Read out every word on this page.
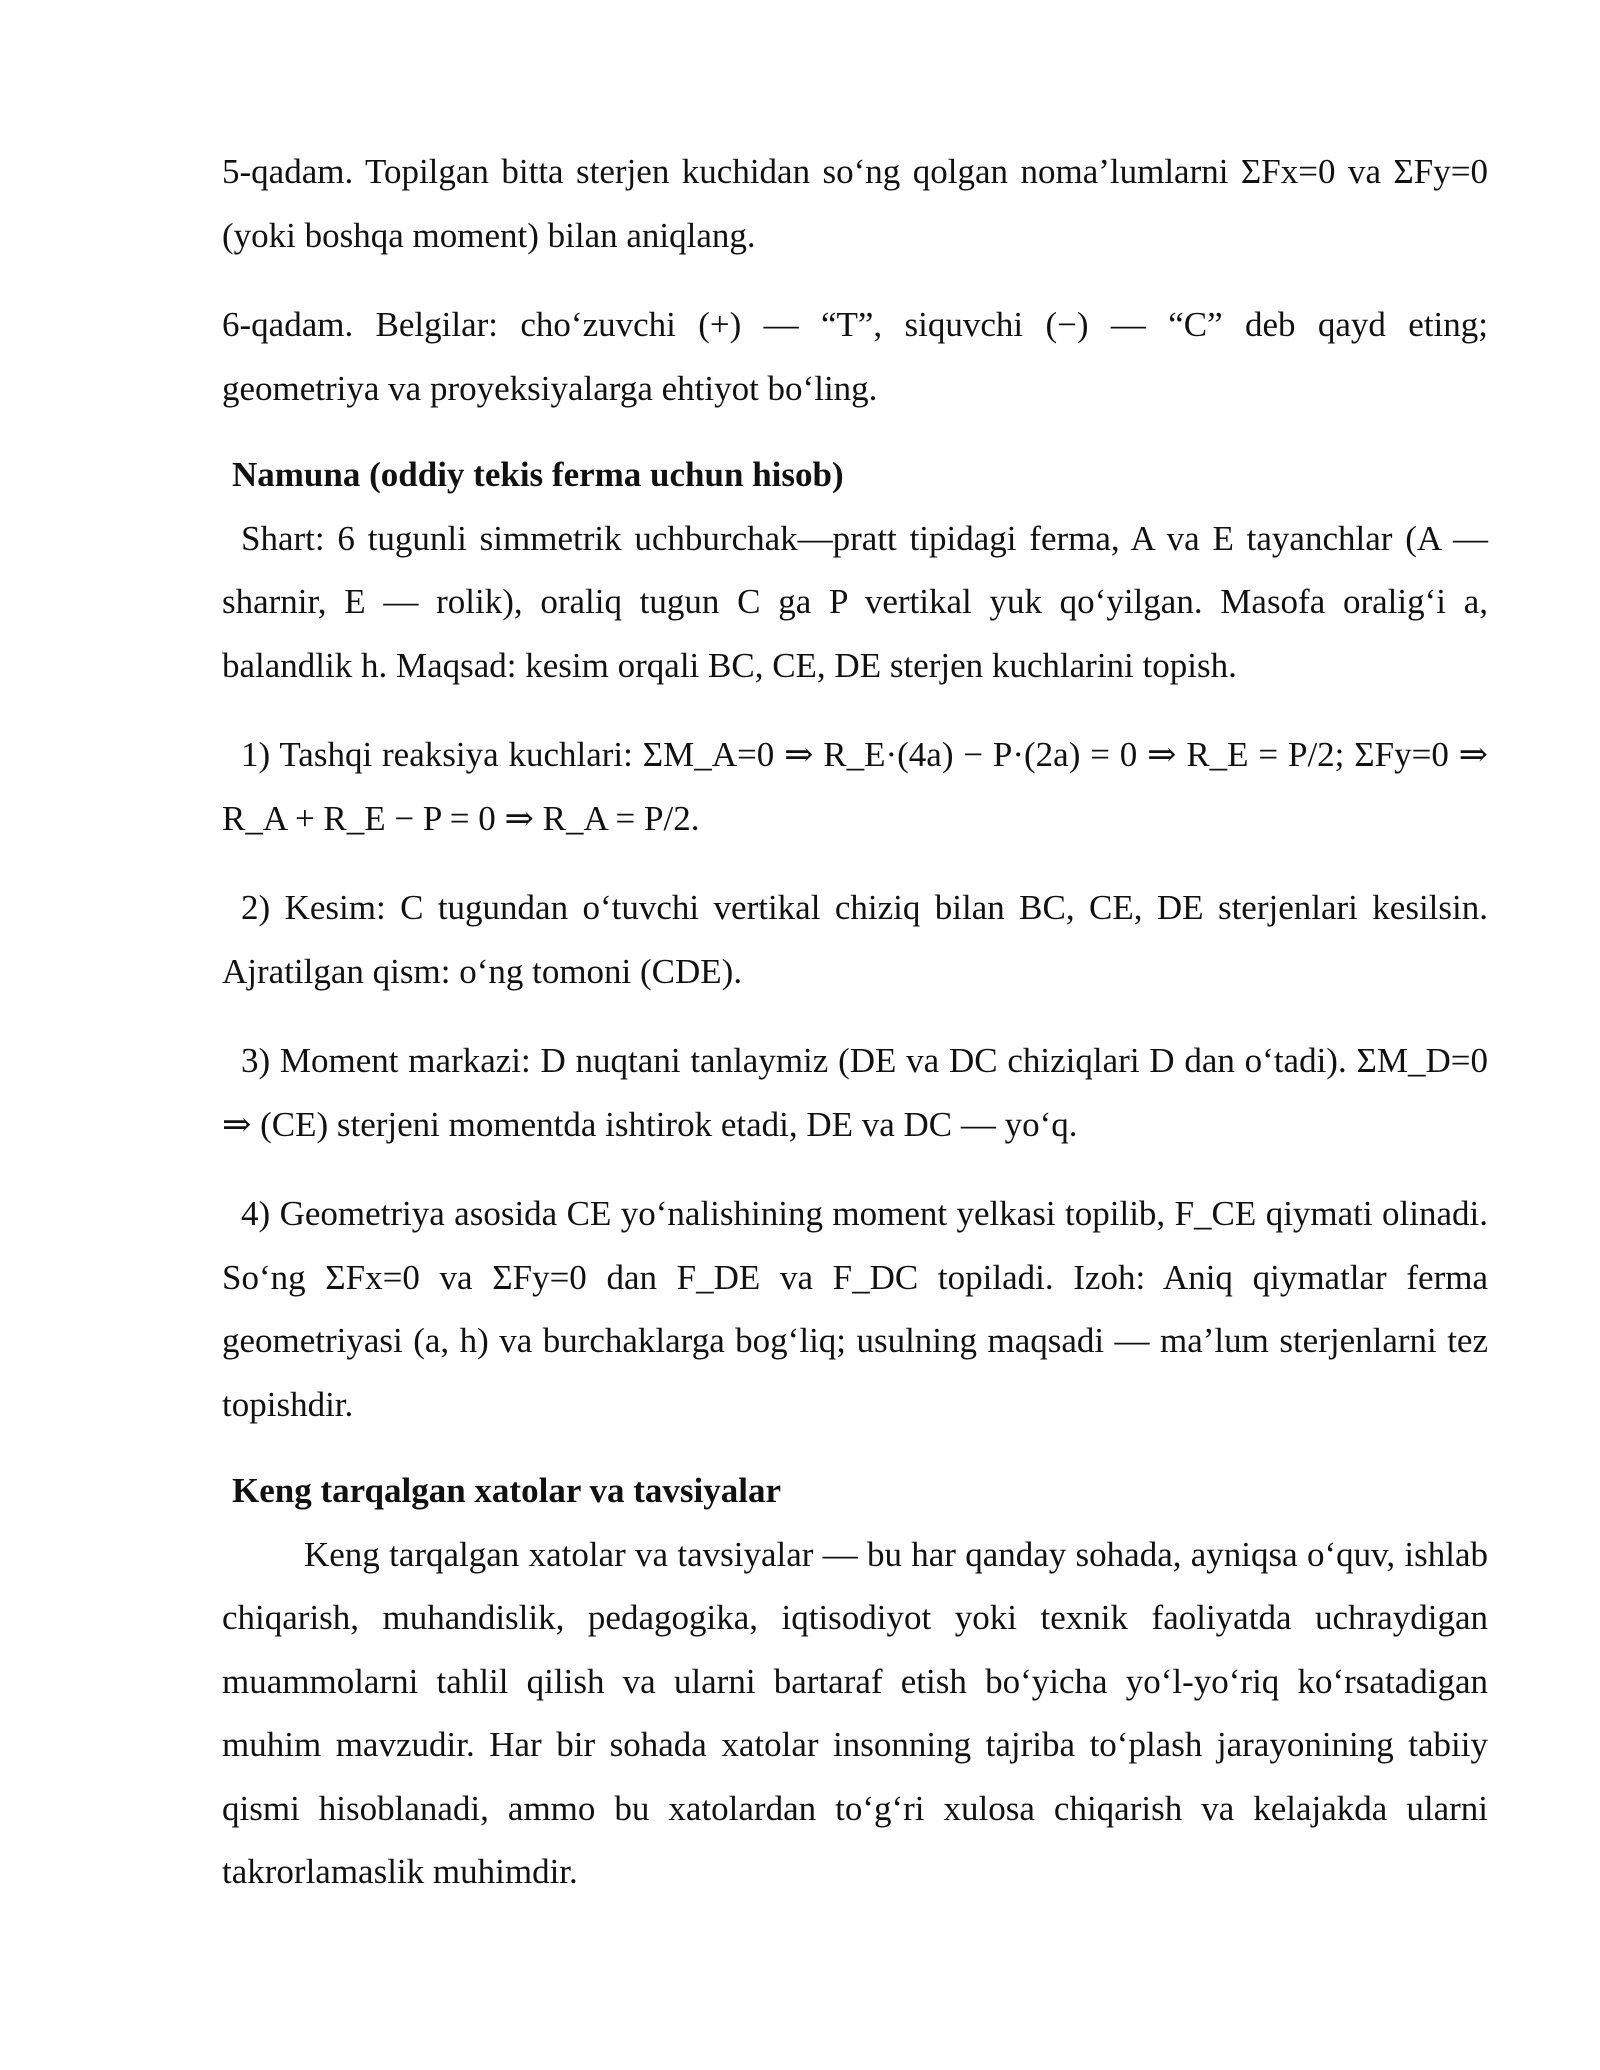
5-qadam. Topilgan bitta sterjen kuchidan so‘ng qolgan noma’lumlarni ΣFx=0 va ΣFy=0 (yoki boshqa moment) bilan aniqlang.

6-qadam. Belgilar: cho‘zuvchi (+) — “T”, siquvchi (−) — “C” deb qayd eting; geometriya va proyeksiyalarga ehtiyot bo‘ling.

Namuna (oddiy tekis ferma uchun hisob)

Shart: 6 tugunli simmetrik uchburchak—pratt tipidagi ferma, A va E tayanchlar (A — sharnir, E — rolik), oraliq tugun C ga P vertikal yuk qo‘yilgan. Masofa oralig‘i a, balandlik h. Maqsad: kesim orqali BC, CE, DE sterjen kuchlarini topish.

1) Tashqi reaksiya kuchlari: ΣM_A=0 ⇒ R_E·(4a) − P·(2a) = 0 ⇒ R_E = P/2; ΣFy=0 ⇒ R_A + R_E − P = 0 ⇒ R_A = P/2.

2) Kesim: C tugundan o‘tuvchi vertikal chiziq bilan BC, CE, DE sterjenlari kesilsin. Ajratilgan qism: o‘ng tomoni (CDE).

3) Moment markazi: D nuqtani tanlaymiz (DE va DC chiziqlari D dan o‘tadi). ΣM_D=0 ⇒ (CE) sterjeni momentda ishtirok etadi, DE va DC — yo‘q.

4) Geometriya asosida CE yo‘nalishining moment yelkasi topilib, F_CE qiymati olinadi. So‘ng ΣFx=0 va ΣFy=0 dan F_DE va F_DC topiladi. Izoh: Aniq qiymatlar ferma geometriyasi (a, h) va burchaklarga bog‘liq; usulning maqsadi — ma’lum sterjenlarni tez topishdir.

Keng tarqalgan xatolar va tavsiyalar

Keng tarqalgan xatolar va tavsiyalar — bu har qanday sohada, ayniqsa o‘quv, ishlab chiqarish, muhandislik, pedagogika, iqtisodiyot yoki texnik faoliyatda uchraydigan muammolarni tahlil qilish va ularni bartaraf etish bo‘yicha yo‘l-yo‘riq ko‘rsatadigan muhim mavzudir. Har bir sohada xatolar insonning tajriba to‘plash jarayonining tabiiy qismi hisoblanadi, ammo bu xatolardan to‘g‘ri xulosa chiqarish va kelajakda ularni takrorlamaslik muhimdir.
